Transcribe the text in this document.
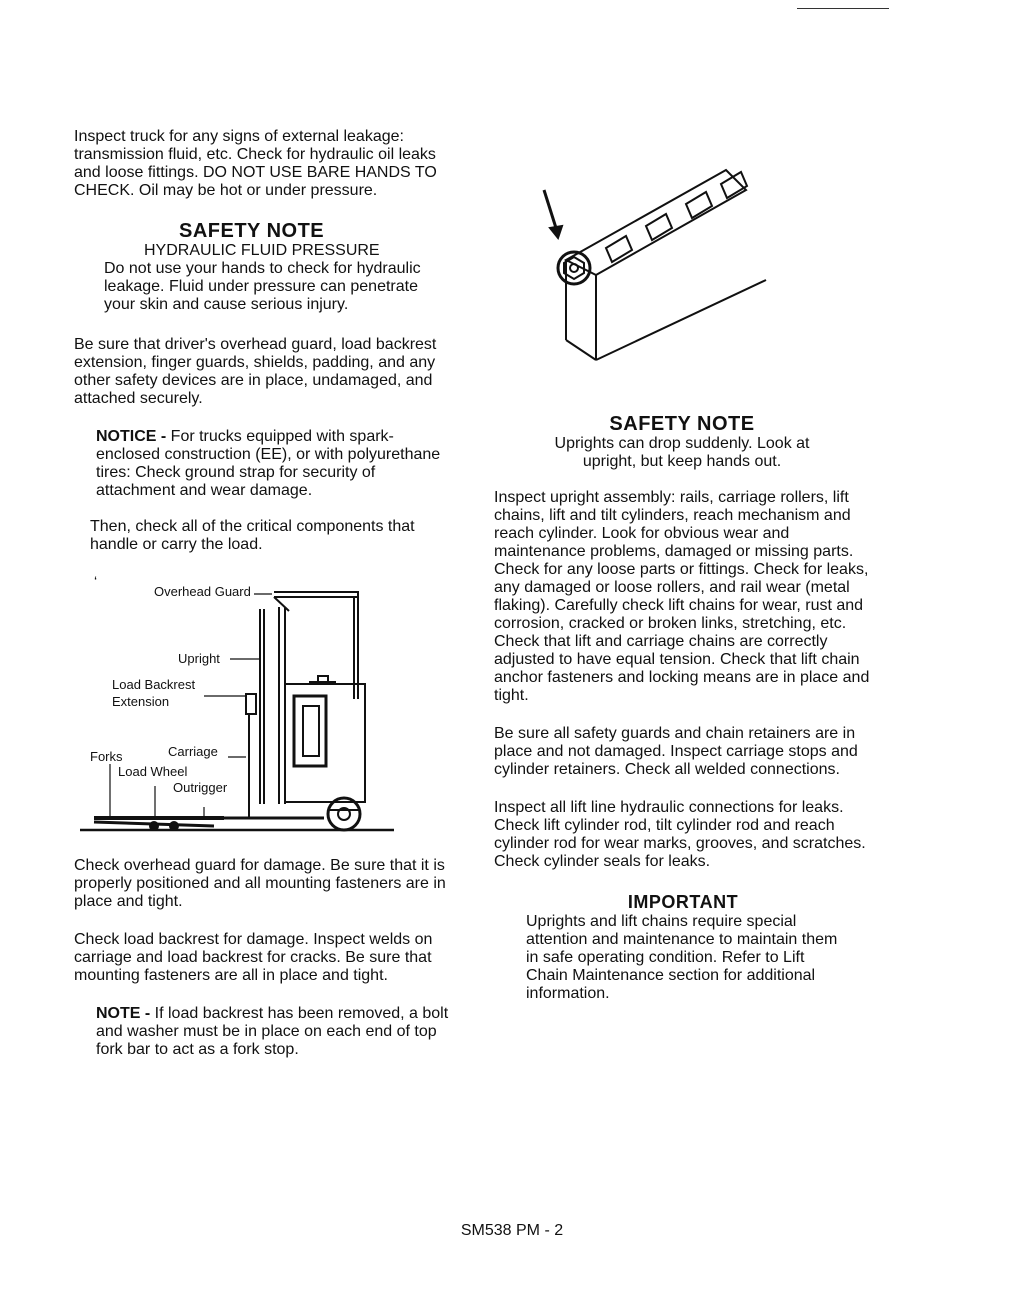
Inspect truck for any signs of external leakage: transmission fluid, etc. Check for hydraulic oil leaks and loose fittings. DO NOT USE BARE HANDS TO CHECK. Oil may be hot or under pressure.

SAFETY NOTE

HYDRAULIC FLUID PRESSURE

Do not use your hands to check for hydraulic leakage. Fluid under pressure can penetrate your skin and cause serious injury.

Be sure that driver's overhead guard, load backrest extension, finger guards, shields, padding, and any other safety devices are in place, undamaged, and attached securely.

NOTICE - For trucks equipped with spark-enclosed construction (EE), or with polyurethane tires: Check ground strap for security of attachment and wear damage.

Then, check all of the critical components that handle or carry the load.

‘
Overhead Guard
Upright
Load Backrest
Extension
Forks	Carriage
Load Wheel
Outrigger

Check overhead guard for damage. Be sure that it is properly positioned and all mounting fasteners are in place and tight.

Check load backrest for damage. Inspect welds on carriage and load backrest for cracks. Be sure that mounting fasteners are all in place and tight.

NOTE - If load backrest has been removed, a bolt and washer must be in place on each end of top fork bar to act as a fork stop.

SAFETY NOTE

Uprights can drop suddenly. Look at upright, but keep hands out.

Inspect upright assembly: rails, carriage rollers, lift chains, lift and tilt cylinders, reach mechanism and reach cylinder. Look for obvious wear and maintenance problems, damaged or missing parts. Check for any loose parts or fittings. Check for leaks, any damaged or loose rollers, and rail wear (metal flaking). Carefully check lift chains for wear, rust and corrosion, cracked or broken links, stretching, etc. Check that lift and carriage chains are correctly adjusted to have equal tension. Check that lift chain anchor fasteners and locking means are in place and tight.

Be sure all safety guards and chain retainers are in place and not damaged. Inspect carriage stops and cylinder retainers. Check all welded connections.

Inspect all lift line hydraulic connections for leaks. Check lift cylinder rod, tilt cylinder rod and reach cylinder rod for wear marks, grooves, and scratches. Check cylinder seals for leaks.

IMPORTANT

Uprights and lift chains require special attention and maintenance to maintain them in safe operating condition. Refer to Lift Chain Maintenance section for additional information.

SM538 PM - 2
